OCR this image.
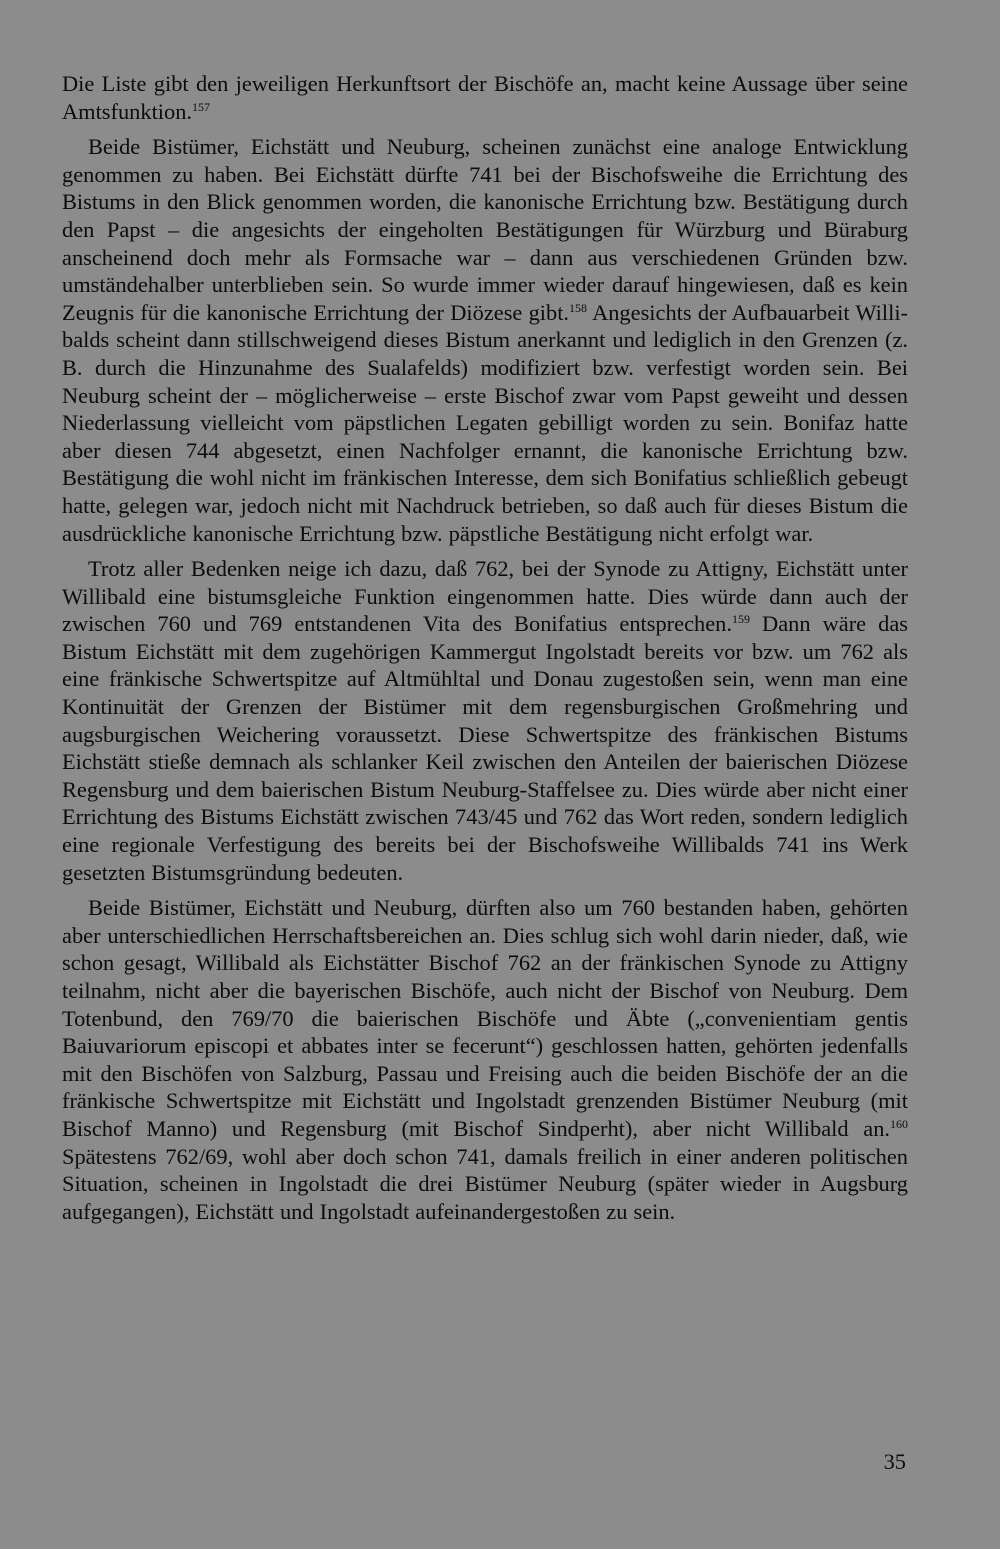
Die Liste gibt den jeweiligen Herkunftsort der Bischöfe an, macht keine Aussage über seine Amtsfunktion.$^{157}$

Beide Bistümer, Eichstätt und Neuburg, scheinen zunächst eine analoge Entwicklung genommen zu haben. Bei Eichstätt dürfte 741 bei der Bischofsweihe die Errichtung des Bistums in den Blick genommen worden, die kanonische Errichtung bzw. Bestätigung durch den Papst – die angesichts der eingeholten Bestätigungen für Würzburg und Büraburg anscheinend doch mehr als Formsache war – dann aus verschiedenen Gründen bzw. umständehalber unterblieben sein. So wurde immer wieder darauf hingewiesen, daß es kein Zeugnis für die kanonische Errichtung der Diözese gibt.$^{158}$ Angesichts der Aufbauarbeit Willibalds scheint dann stillschweigend dieses Bistum anerkannt und lediglich in den Grenzen (z. B. durch die Hinzunahme des Sualafelds) modifiziert bzw. verfestigt worden sein. Bei Neuburg scheint der – möglicherweise – erste Bischof zwar vom Papst geweiht und dessen Niederlassung vielleicht vom päpstlichen Legaten gebilligt worden zu sein. Bonifaz hatte aber diesen 744 abgesetzt, einen Nachfolger ernannt, die kanonische Errichtung bzw. Bestätigung die wohl nicht im fränkischen Interesse, dem sich Bonifatius schließlich gebeugt hatte, gelegen war, jedoch nicht mit Nachdruck betrieben, so daß auch für dieses Bistum die ausdrückliche kanonische Errichtung bzw. päpstliche Bestätigung nicht erfolgt war.

Trotz aller Bedenken neige ich dazu, daß 762, bei der Synode zu Attigny, Eichstätt unter Willibald eine bistumsgleiche Funktion eingenommen hatte. Dies würde dann auch der zwischen 760 und 769 entstandenen Vita des Bonifatius entsprechen.$^{159}$ Dann wäre das Bistum Eichstätt mit dem zugehörigen Kammergut Ingolstadt bereits vor bzw. um 762 als eine fränkische Schwertspitze auf Altmühltal und Donau zugestoßen sein, wenn man eine Kontinuität der Grenzen der Bistümer mit dem regensburgischen Großmehring und augsburgischen Weichering voraussetzt. Diese Schwertspitze des fränkischen Bistums Eichstätt stieße demnach als schlanker Keil zwischen den Anteilen der baierischen Diözese Regensburg und dem baierischen Bistum Neuburg-Staffelsee zu. Dies würde aber nicht einer Errichtung des Bistums Eichstätt zwischen 743/45 und 762 das Wort reden, sondern lediglich eine regionale Verfestigung des bereits bei der Bischofsweihe Willibalds 741 ins Werk gesetzten Bistumsgründung bedeuten.

Beide Bistümer, Eichstätt und Neuburg, dürften also um 760 bestanden haben, gehörten aber unterschiedlichen Herrschaftsbereichen an. Dies schlug sich wohl darin nieder, daß, wie schon gesagt, Willibald als Eichstätter Bischof 762 an der fränkischen Synode zu Attigny teilnahm, nicht aber die bayerischen Bischöfe, auch nicht der Bischof von Neuburg. Dem Totenbund, den 769/70 die baierischen Bischöfe und Äbte („convenientiam gentis Baiuvariorum episcopi et abbates inter se fecerunt“) geschlossen hatten, gehörten jedenfalls mit den Bischöfen von Salzburg, Passau und Freising auch die beiden Bischöfe der an die fränkische Schwertspitze mit Eichstätt und Ingolstadt grenzenden Bistümer Neuburg (mit Bischof Manno) und Regensburg (mit Bischof Sindperht), aber nicht Willibald an.$^{160}$ Spätestens 762/69, wohl aber doch schon 741, damals freilich in einer anderen politischen Situation, scheinen in Ingolstadt die drei Bistümer Neuburg (später wieder in Augsburg aufgegangen), Eichstätt und Ingolstadt aufeinandergestoßen zu sein.

35
